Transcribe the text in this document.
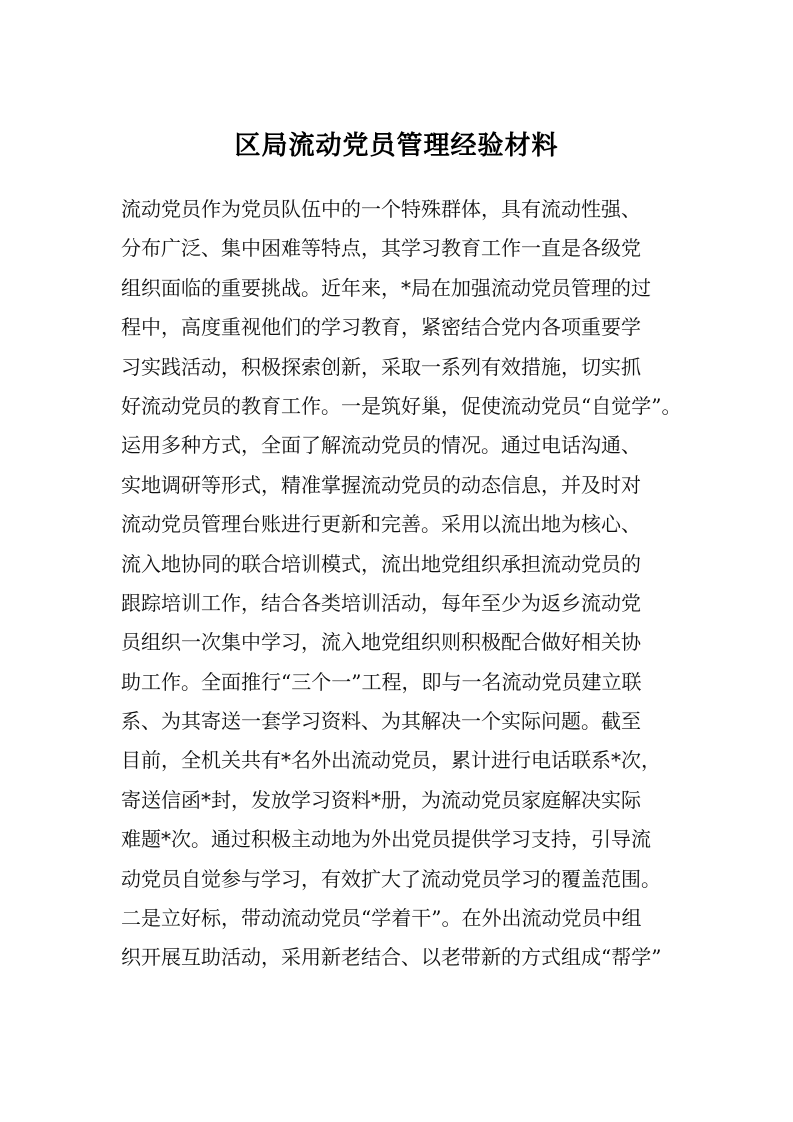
区局流动党员管理经验材料
流动党员作为党员队伍中的一个特殊群体，具有流动性强、
分布广泛、集中困难等特点，其学习教育工作一直是各级党
组织面临的重要挑战。近年来，*局在加强流动党员管理的过
程中，高度重视他们的学习教育，紧密结合党内各项重要学
习实践活动，积极探索创新，采取一系列有效措施，切实抓
好流动党员的教育工作。一是筑好巢，促使流动党员“自觉学”。
运用多种方式，全面了解流动党员的情况。通过电话沟通、
实地调研等形式，精准掌握流动党员的动态信息，并及时对
流动党员管理台账进行更新和完善。采用以流出地为核心、
流入地协同的联合培训模式，流出地党组织承担流动党员的
跟踪培训工作，结合各类培训活动，每年至少为返乡流动党
员组织一次集中学习，流入地党组织则积极配合做好相关协
助工作。全面推行“三个一”工程，即与一名流动党员建立联
系、为其寄送一套学习资料、为其解决一个实际问题。截至
目前，全机关共有*名外出流动党员，累计进行电话联系*次，
寄送信函*封，发放学习资料*册，为流动党员家庭解决实际
难题*次。通过积极主动地为外出党员提供学习支持，引导流
动党员自觉参与学习，有效扩大了流动党员学习的覆盖范围。
二是立好标，带动流动党员“学着干”。在外出流动党员中组
织开展互助活动，采用新老结合、以老带新的方式组成“帮学”
